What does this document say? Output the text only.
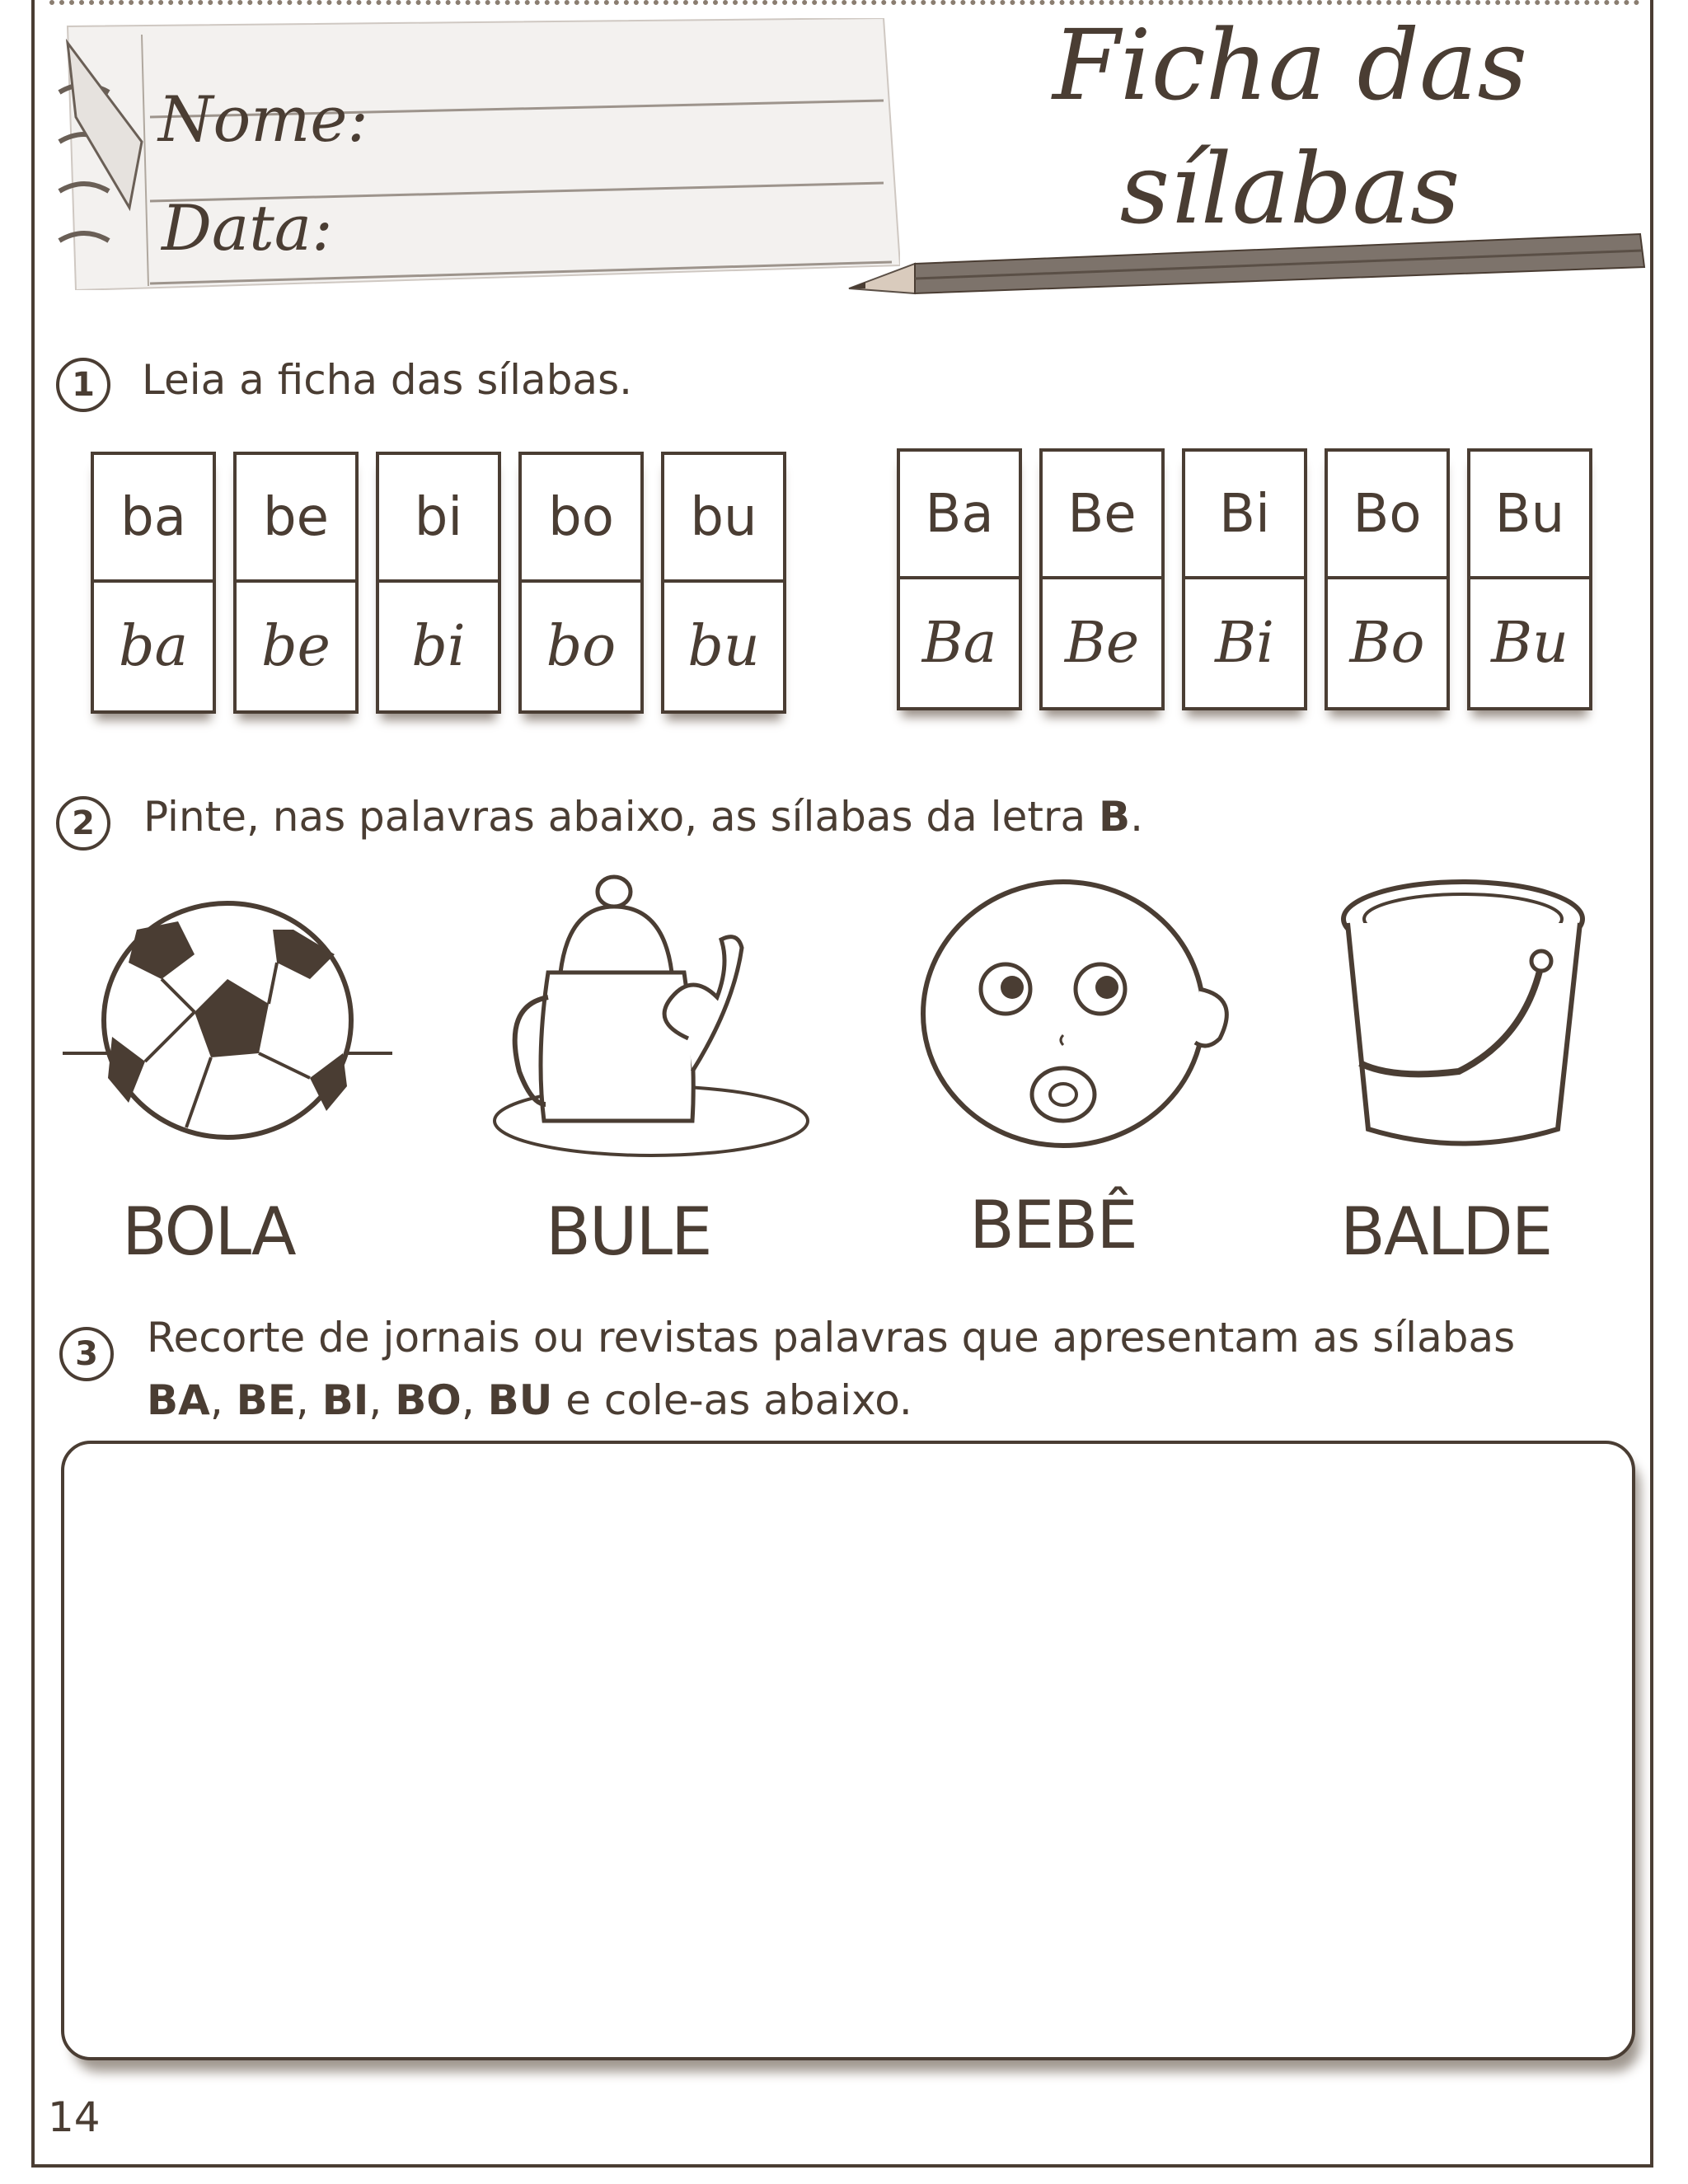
Nome:
Data:
Ficha das
sílabas
1	Leia a ficha das sílabas.
ba
ba
be
be
bi
bi
bo
bo
bu
bu
Ba
Ba
Be
Be
Bi
Bi
Bo
Bo
Bu
Bu
2	Pinte, nas palavras abaixo, as sílabas da letra B.
BOLA	BULE	BEBÊ	BALDE
3	Recorte de jornais ou revistas palavras que apresentam as sílabas
BA, BE, BI, BO, BU e cole-as abaixo.
14
